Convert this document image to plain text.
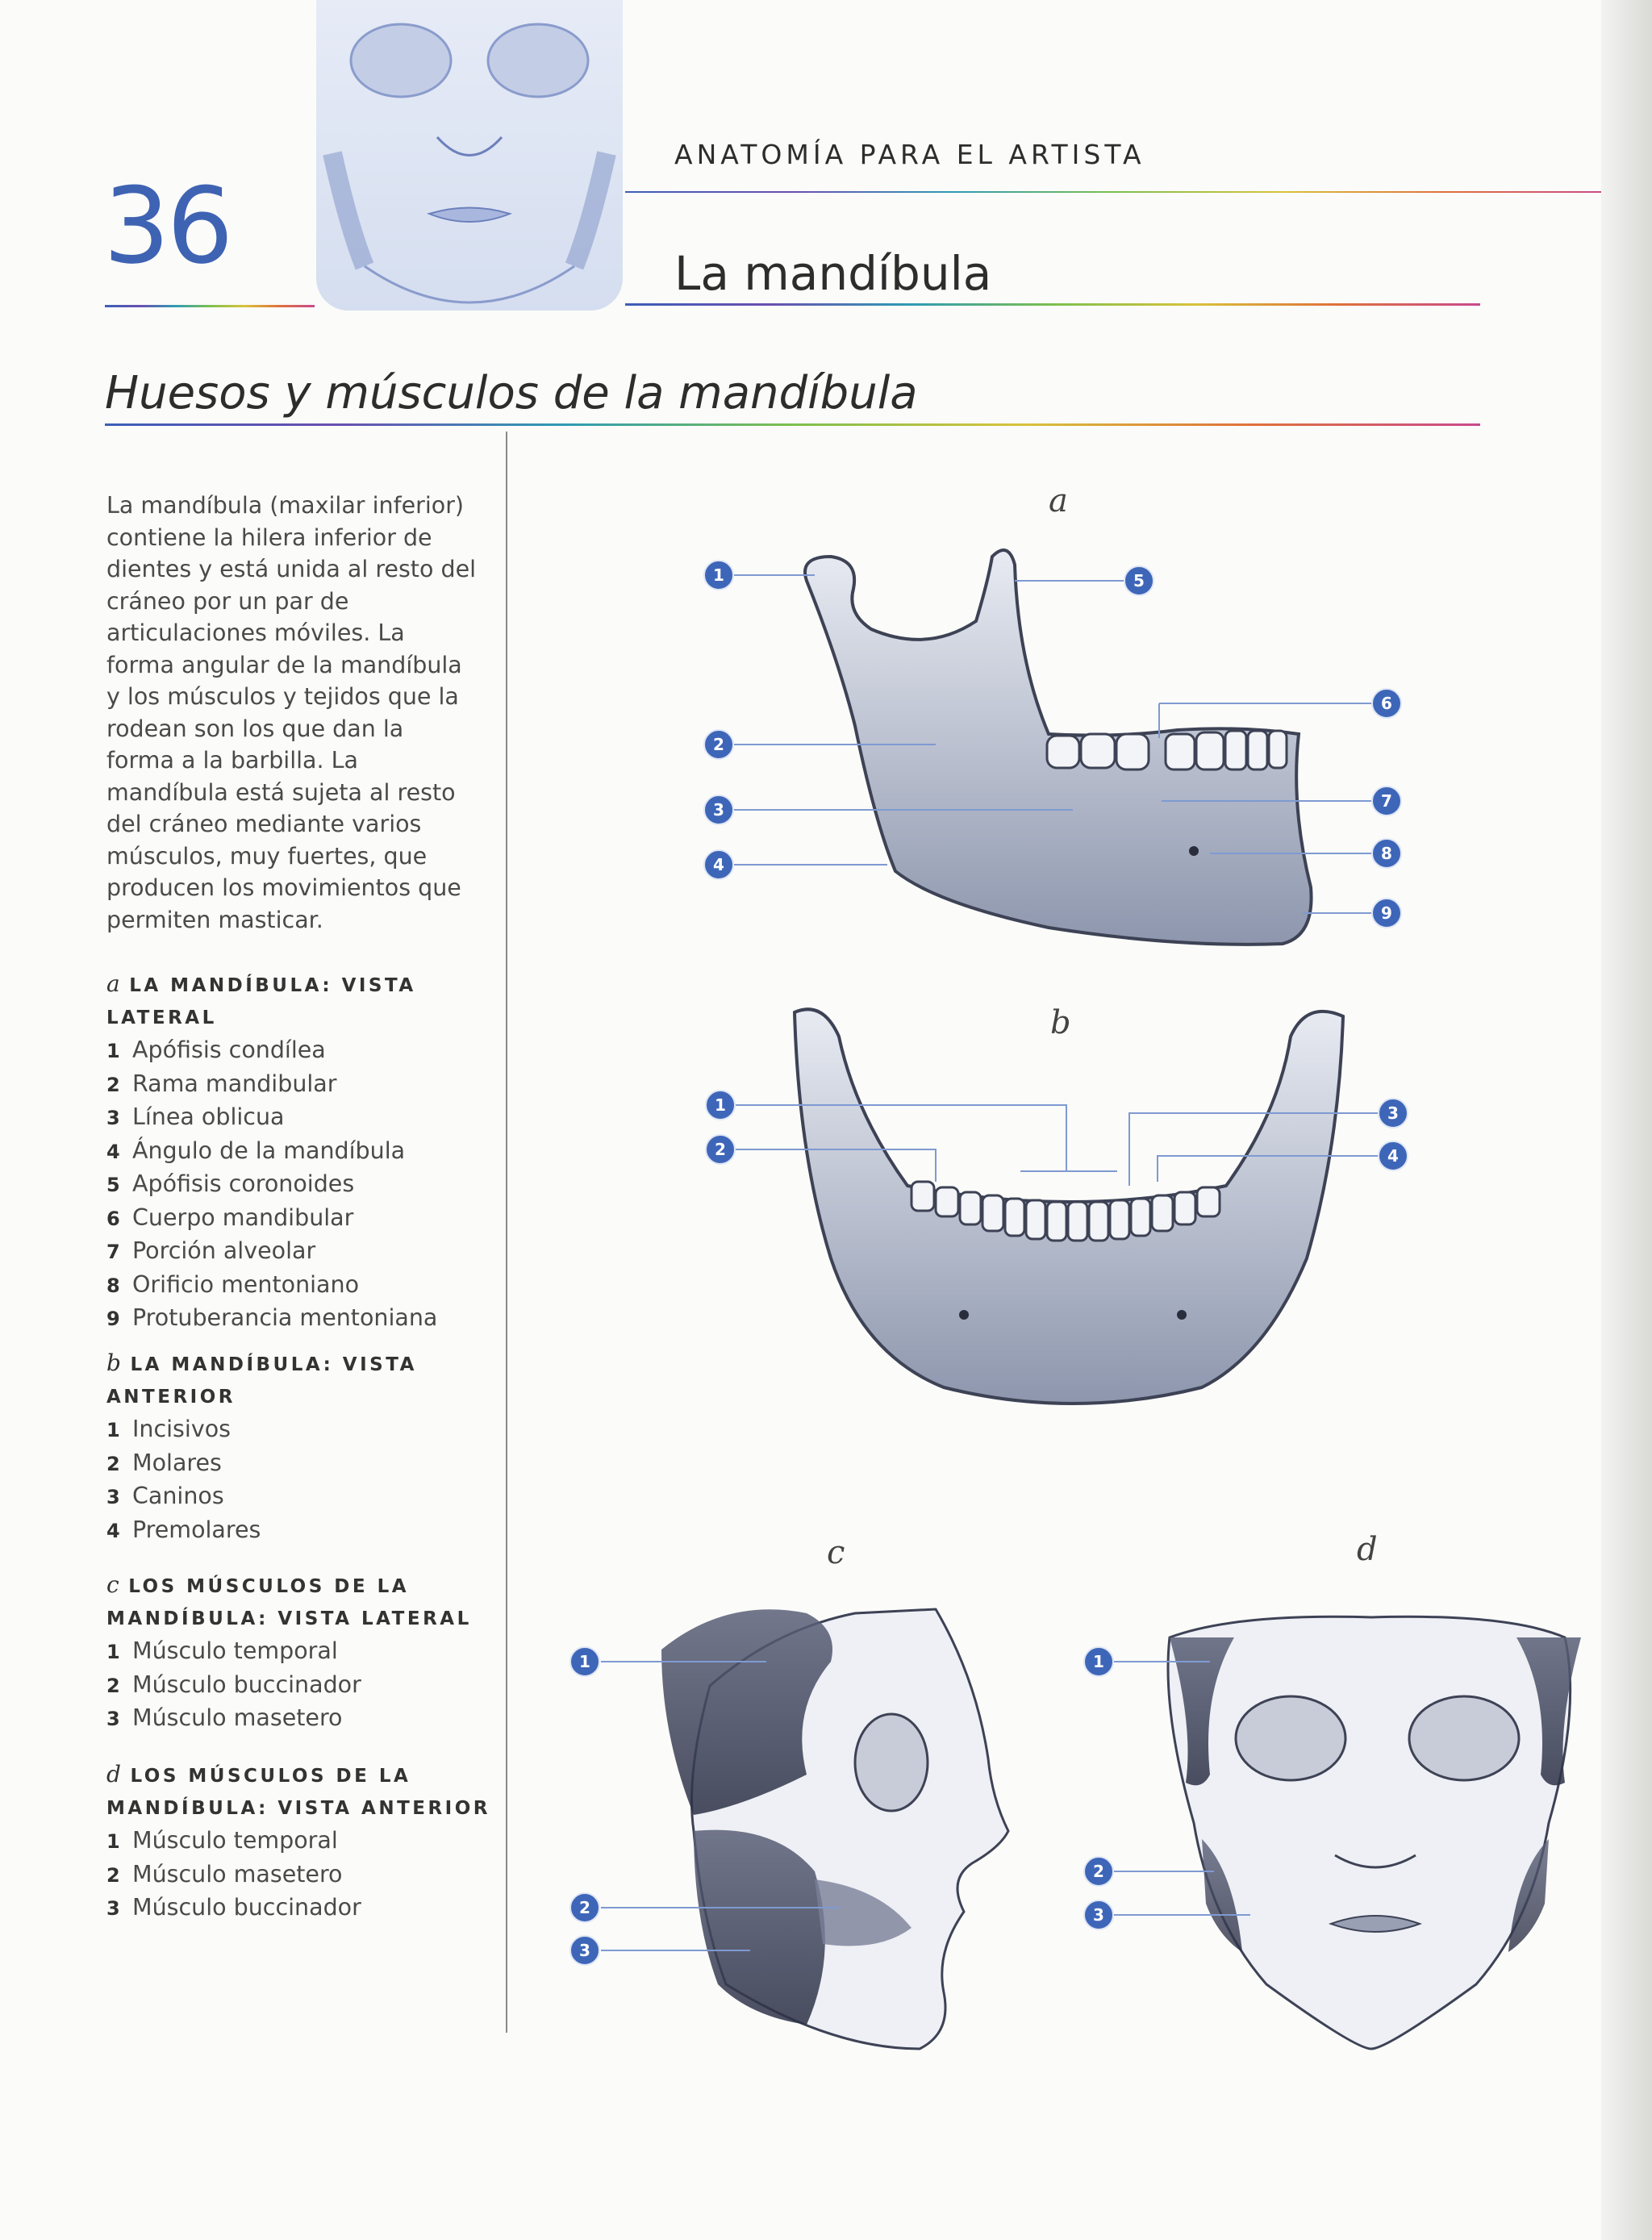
36
ANATOMÍA PARA EL ARTISTA
La mandíbula
Huesos y músculos de la mandíbula
La mandíbula (maxilar inferior) contiene la hilera inferior de dientes y está unida al resto del cráneo por un par de articulaciones móviles. La forma angular de la mandíbula y los músculos y tejidos que la rodean son los que dan la forma a la barbilla. La mandíbula está sujeta al resto del cráneo mediante varios músculos, muy fuertes, que producen los movimientos que permiten masticar.
a LA MANDÍBULA: VISTA LATERAL
1 Apófisis condílea
2 Rama mandibular
3 Línea oblicua
4 Ángulo de la mandíbula
5 Apófisis coronoides
6 Cuerpo mandibular
7 Porción alveolar
8 Orificio mentoniano
9 Protuberancia mentoniana
b LA MANDÍBULA: VISTA ANTERIOR
1 Incisivos
2 Molares
3 Caninos
4 Premolares
c LOS MÚSCULOS DE LA MANDÍBULA: VISTA LATERAL
1 Músculo temporal
2 Músculo buccinador
3 Músculo masetero
d LOS MÚSCULOS DE LA MANDÍBULA: VISTA ANTERIOR
1 Músculo temporal
2 Músculo masetero
3 Músculo buccinador
a
b
c	d
1
2
3
4
5
6
7
8
9
1
2
3
4
1
2
3
1
2
3
